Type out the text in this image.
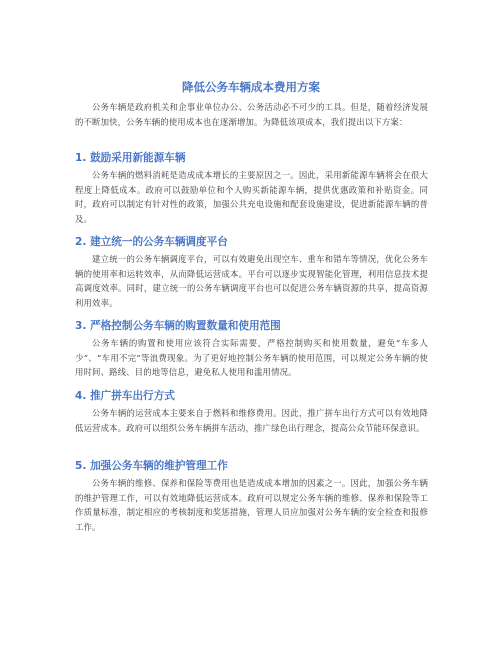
降低公务车辆成本费用方案

公务车辆是政府机关和企事业单位办公、公务活动必不可少的工具。但是，随着经济发展的不断加快，公务车辆的使用成本也在逐渐增加。为降低该项成本，我们提出以下方案：

1. 鼓励采用新能源车辆

公务车辆的燃料消耗是造成成本增长的主要原因之一。因此，采用新能源车辆将会在很大程度上降低成本。政府可以鼓励单位和个人购买新能源车辆，提供优惠政策和补贴资金。同时，政府可以制定有针对性的政策，加强公共充电设施和配套设施建设，促进新能源车辆的普及。

2. 建立统一的公务车辆调度平台

建立统一的公务车辆调度平台，可以有效避免出现空车、重车和错车等情况，优化公务车辆的使用率和运转效率，从而降低运营成本。平台可以逐步实现智能化管理，利用信息技术提高调度效率。同时，建立统一的公务车辆调度平台也可以促进公务车辆资源的共享，提高资源利用效率。

3. 严格控制公务车辆的购置数量和使用范围

公务车辆的购置和使用应该符合实际需要，严格控制购买和使用数量，避免“车多人少”、“车用不完”等浪费现象。为了更好地控制公务车辆的使用范围，可以规定公务车辆的使用时间、路线、目的地等信息，避免私人使用和滥用情况。

4. 推广拼车出行方式

公务车辆的运营成本主要来自于燃料和维修费用。因此，推广拼车出行方式可以有效地降低运营成本。政府可以组织公务车辆拼车活动，推广绿色出行理念，提高公众节能环保意识。

5. 加强公务车辆的维护管理工作

公务车辆的维修、保养和保险等费用也是造成成本增加的因素之一。因此，加强公务车辆的维护管理工作，可以有效地降低运营成本。政府可以规定公务车辆的维修、保养和保险等工作质量标准，制定相应的考核制度和奖惩措施，管理人员应加强对公务车辆的安全检查和报修工作。
